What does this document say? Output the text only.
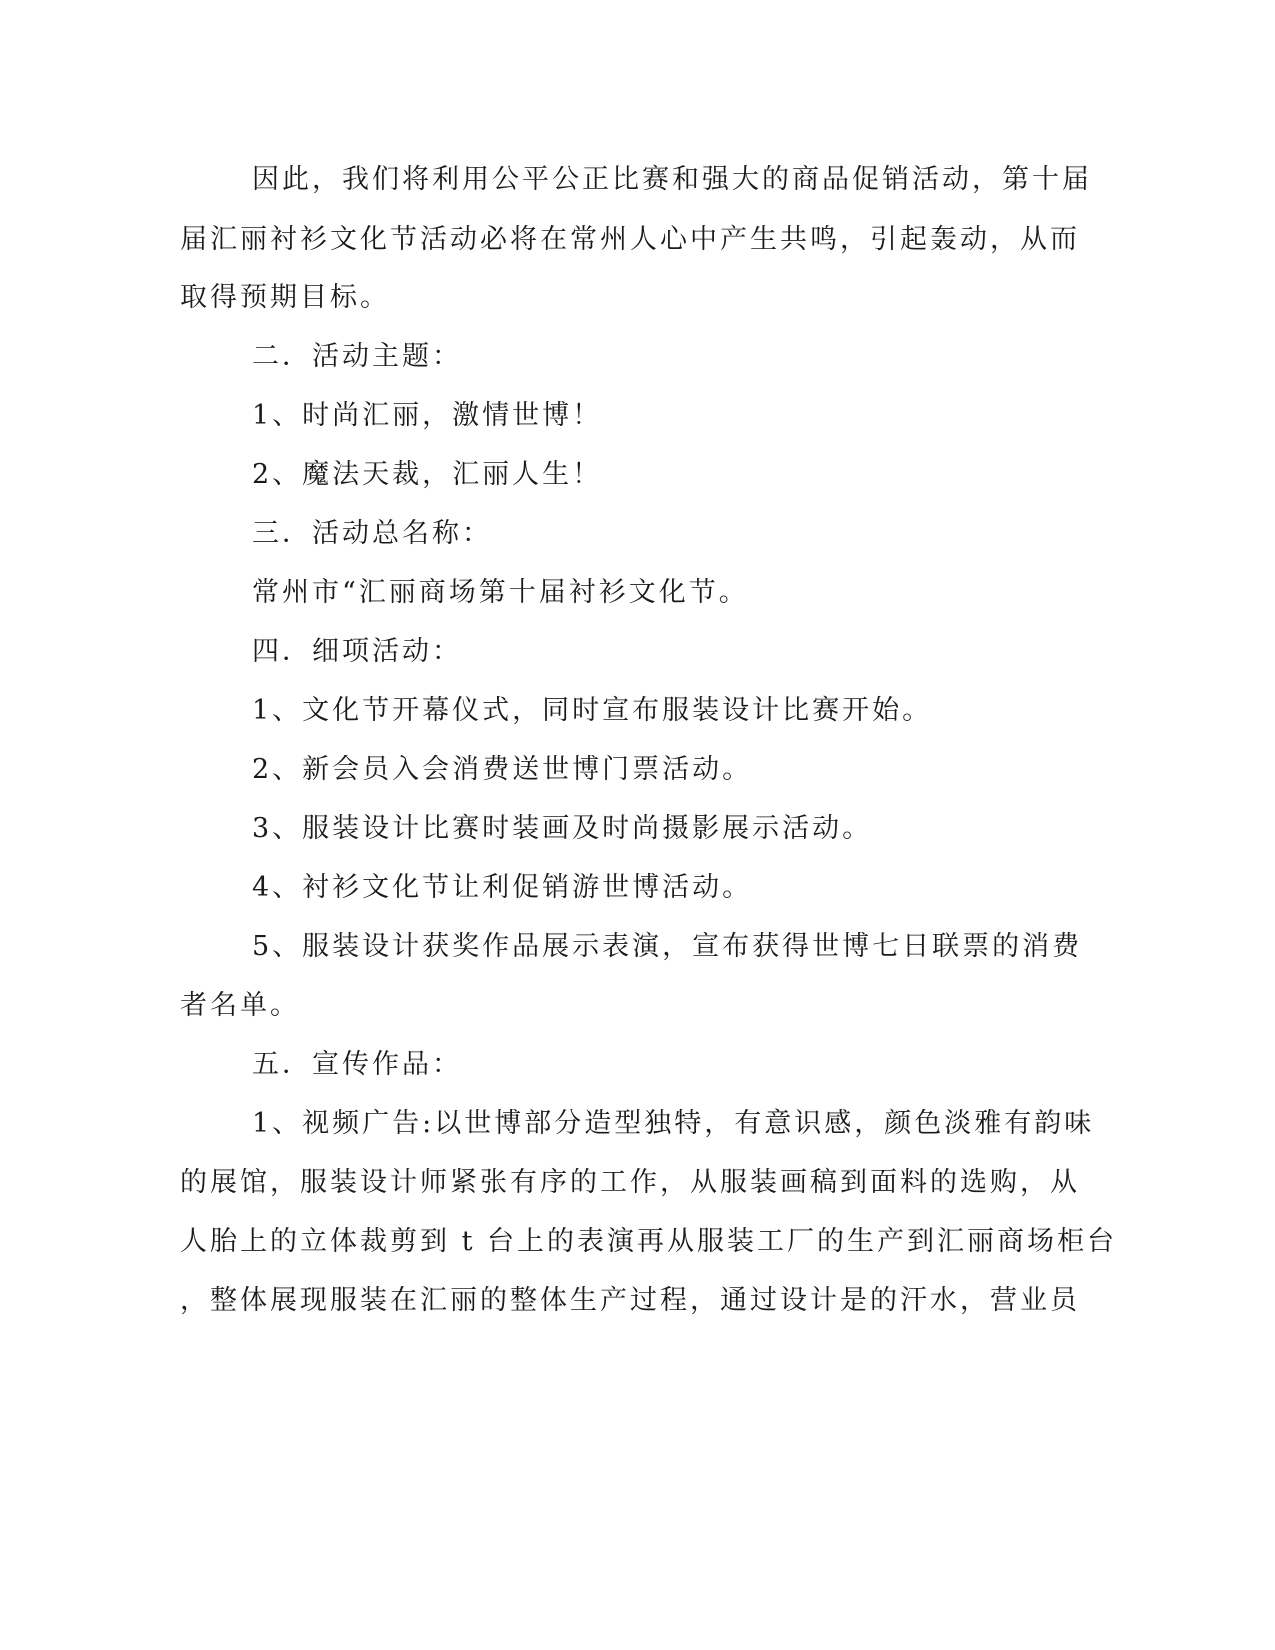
因此，我们将利用公平公正比赛和强大的商品促销活动，第十届
届汇丽衬衫文化节活动必将在常州人心中产生共鸣，引起轰动，从而
取得预期目标。
二．活动主题：
1、时尚汇丽，激情世博！
2、魔法天裁，汇丽人生！
三．活动总名称：
常州市“汇丽商场第十届衬衫文化节。
四．细项活动：
1、文化节开幕仪式，同时宣布服装设计比赛开始。
2、新会员入会消费送世博门票活动。
3、服装设计比赛时装画及时尚摄影展示活动。
4、衬衫文化节让利促销游世博活动。
5、服装设计获奖作品展示表演，宣布获得世博七日联票的消费
者名单。
五．宣传作品：
1、视频广告:以世博部分造型独特，有意识感，颜色淡雅有韵味
的展馆，服装设计师紧张有序的工作，从服装画稿到面料的选购，从
人胎上的立体裁剪到 t 台上的表演再从服装工厂的生产到汇丽商场柜台
，整体展现服装在汇丽的整体生产过程，通过设计是的汗水，营业员
